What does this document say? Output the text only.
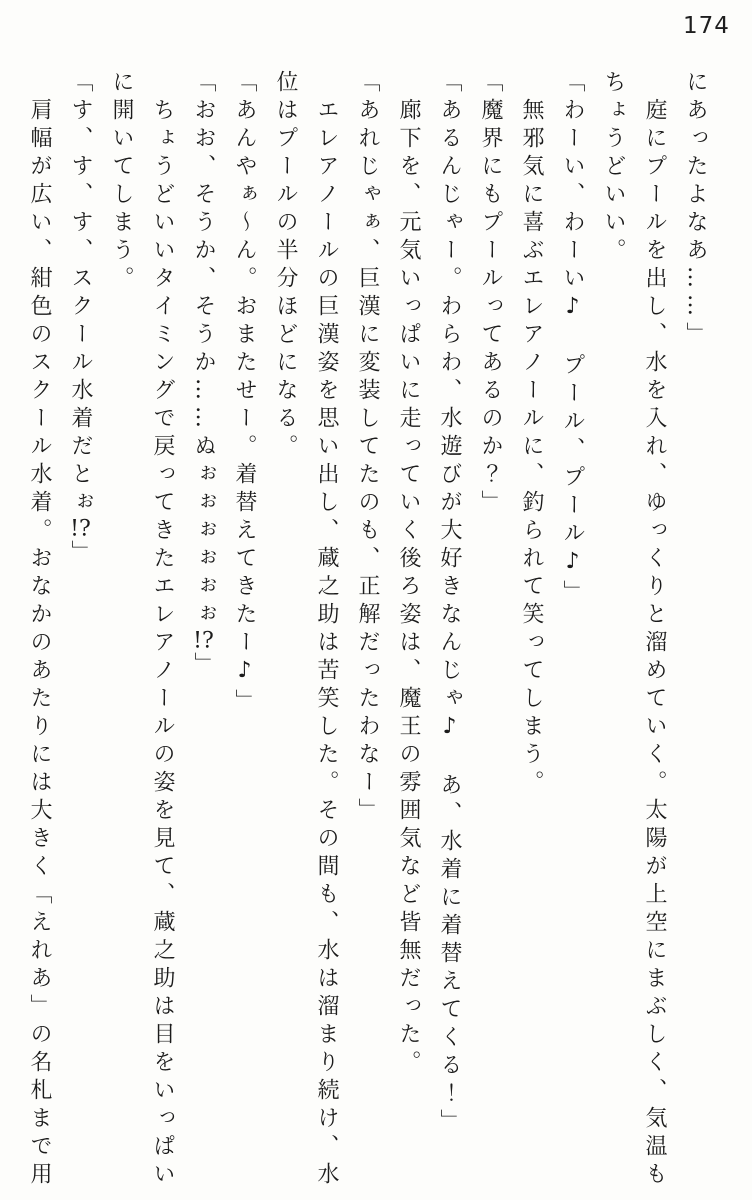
174
にあったよなあ……」
庭にプールを出し、水を入れ、ゆっくりと溜めていく。太陽が上空にまぶしく、気温も
ちょうどいい。
「わーい、わーい♪　プール、プール♪」
無邪気に喜ぶエレアノールに、釣られて笑ってしまう。
「魔界にもプールってあるのか？」
「あるんじゃー。わらわ、水遊びが大好きなんじゃ♪　あ、水着に着替えてくる！」
廊下を、元気いっぱいに走っていく後ろ姿は、魔王の雰囲気など皆無だった。
「あれじゃぁ、巨漢に変装してたのも、正解だったわなー」
エレアノールの巨漢姿を思い出し、蔵之助は苦笑した。その間も、水は溜まり続け、水
位はプールの半分ほどになる。
「あんやぁ〜ん。おまたせー。着替えてきたー♪」
「おお、そうか、そうか……ぬぉぉぉぉぉぉ!?」
ちょうどいいタイミングで戻ってきたエレアノールの姿を見て、蔵之助は目をいっぱい
に開いてしまう。
「す、す、す、スクール水着だとぉ!?」
肩幅が広い、紺色のスクール水着。おなかのあたりには大きく「えれあ」の名札まで用
